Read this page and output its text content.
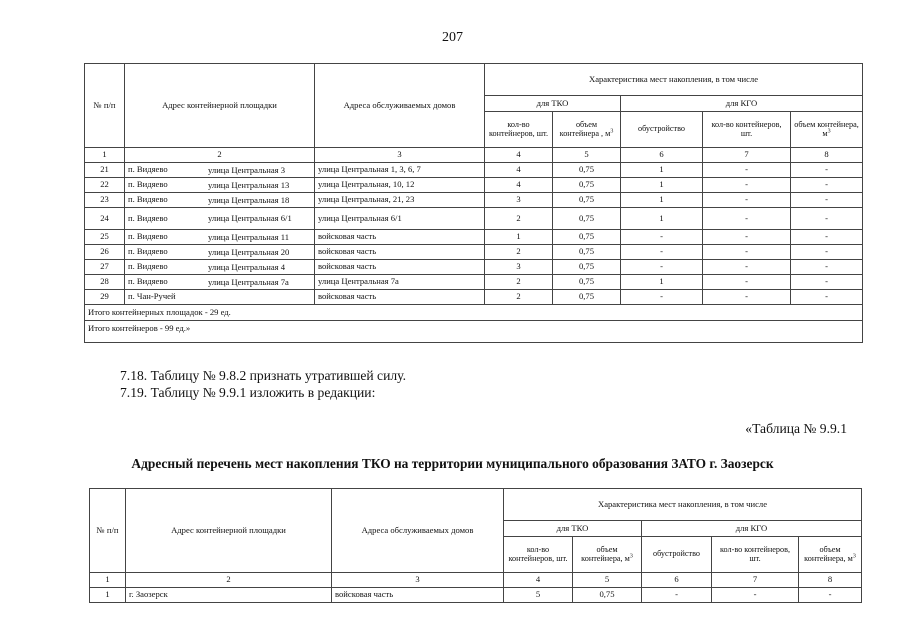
207
№ п/п	Адрес контейнерной площадки	Адреса обслуживаемых домов	Характеристика мест накопления, в том числе				
			для ТКО		для КГО		
			кол-во контейнеров, шт.	объем контейнера , $м^3$	обустройство	кол-во контейнеров, шт.	объем контейнера, $м^3$
1	2	3	4	5	6	7	8
21	п. Видяево улица Центральная 3	улица Центральная 1, 3, 6, 7	4	0,75	1	-	-
22	п. Видяево улица Центральная 13	улица Центральная, 10, 12	4	0,75	1	-	-
23	п. Видяево улица Центральная 18	улица Центральная, 21, 23	3	0,75	1	-	-
24	п. Видяево улица Центральная 6/1	улица Центральная 6/1	2	0,75	1	-	-
25	п. Видяево улица Центральная 11	войсковая часть	1	0,75	-	-	-
26	п. Видяево улица Центральная 20	войсковая часть	2	0,75	-	-	-
27	п. Видяево улица Центральная 4	войсковая часть	3	0,75	-	-	-
28	п. Видяево улица Центральная 7а	улица Центральная 7а	2	0,75	1	-	-
29	п. Чан-Ручей	войсковая часть	2	0,75	-	-	-
Итого контейнерных площадок - 29 ед.							
Итого контейнеров - 99 ед.»							
7.18. Таблицу № 9.8.2 признать утратившей силу.
7.19. Таблицу № 9.9.1 изложить в редакции:
«Таблица № 9.9.1
Адресный перечень мест накопления ТКО на территории муниципального образования ЗАТО г. Заозерск
№ п/п	Адрес контейнерной площадки	Адреса обслуживаемых домов	Характеристика мест накопления, в том числе				
			для ТКО		для КГО		
			кол-во контейнеров, шт.	объем контейнера, $м^3$	обустройство	кол-во контейнеров, шт.	объем контейнера, $м^3$
1	2	3	4	5	6	7	8
1	г. Заозерск	войсковая часть	5	0,75	-	-	-
